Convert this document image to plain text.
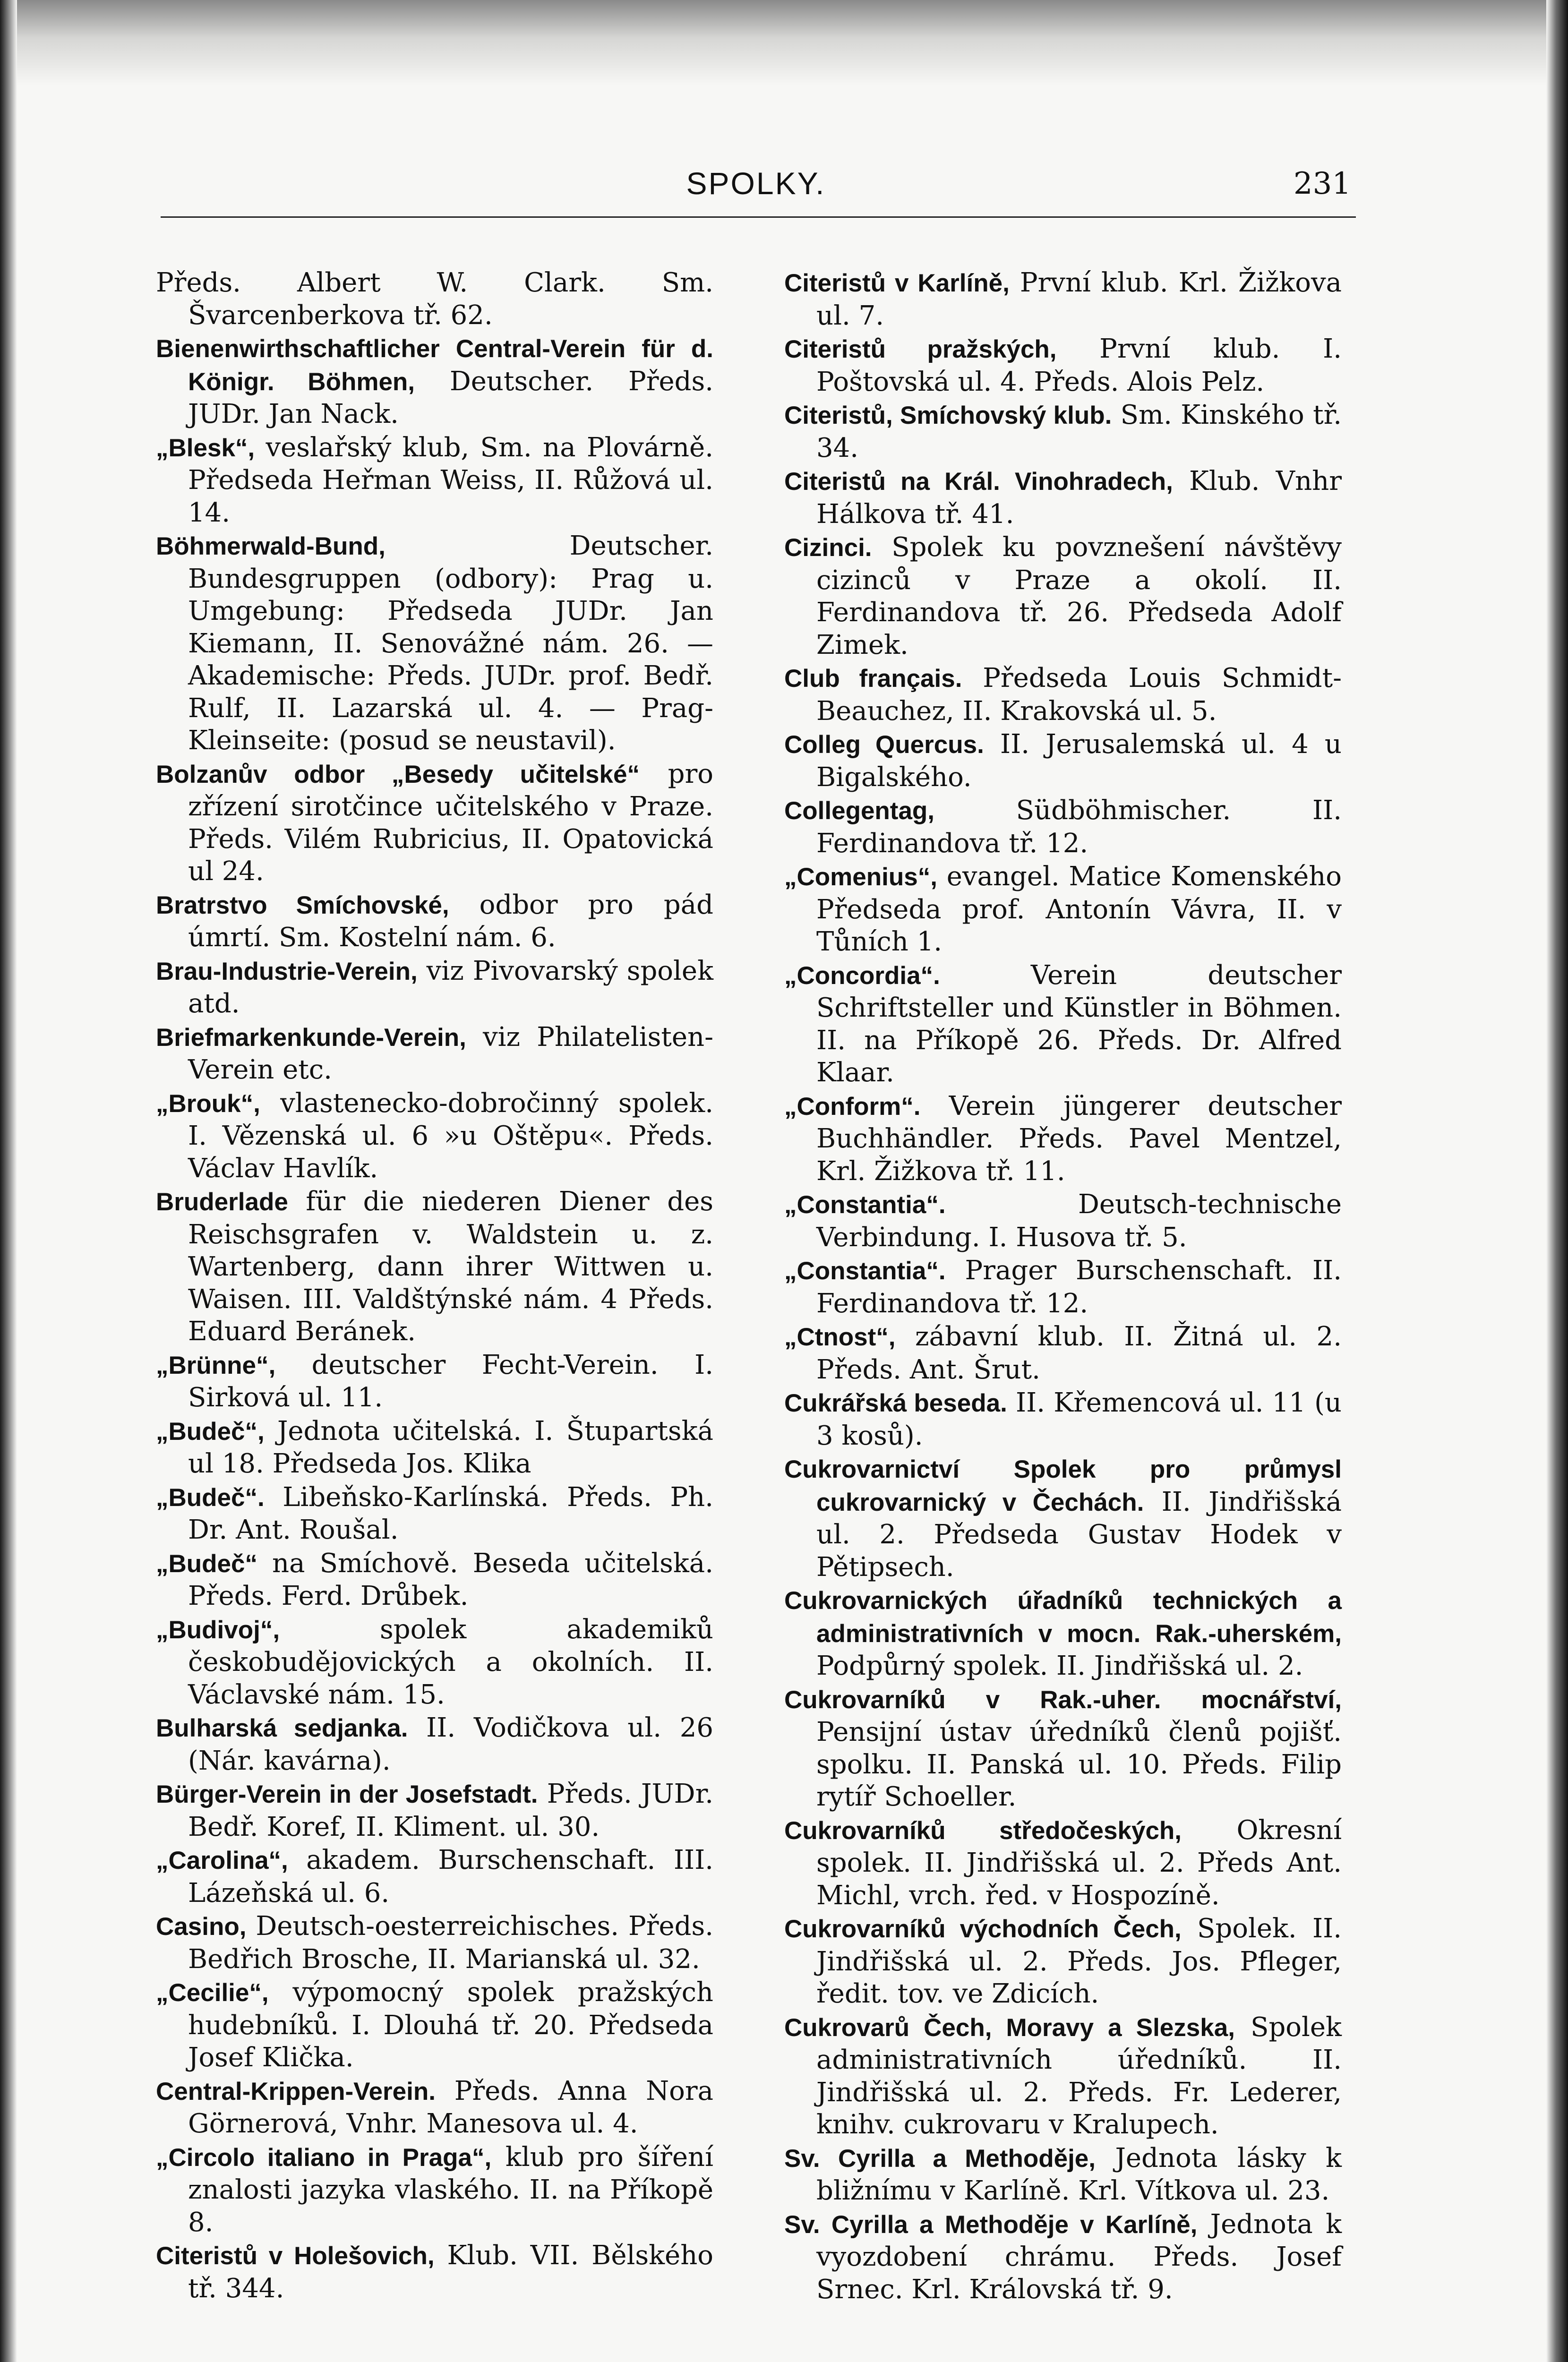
SPOLKY.	231

Předs. Albert W. Clark. Sm. Švarcenberkova tř. 62.

Bienenwirthschaftlicher Central-Verein für d. Königr. Böhmen, Deutscher. Předs. JUDr. Jan Nack.

„Blesk“, veslařský klub, Sm. na Plovárně. Předseda Heřman Weiss, II. Růžová ul. 14.

Böhmerwald-Bund, Deutscher. Bundesgruppen (odbory): Prag u. Umgebung: Předseda JUDr. Jan Kiemann, II. Senovážné nám. 26. — Akademische: Předs. JUDr. prof. Bedř. Rulf, II. Lazarská ul. 4. — Prag-Kleinseite: (posud se neustavil).

Bolzanův odbor „Besedy učitelské“ pro zřízení sirotčince učitelského v Praze. Předs. Vilém Rubricius, II. Opatovická ul 24.

Bratrstvo Smíchovské, odbor pro pád úmrtí. Sm. Kostelní nám. 6.

Brau-Industrie-Verein, viz Pivovarský spolek atd.

Briefmarkenkunde-Verein, viz Philatelisten-Verein etc.

„Brouk“, vlastenecko-dobročinný spolek. I. Vězenská ul. 6 »u Oštěpu«. Předs. Václav Havlík.

Bruderlade für die niederen Diener des Reischsgrafen v. Waldstein u. z. Wartenberg, dann ihrer Wittwen u. Waisen. III. Valdštýnské nám. 4 Předs. Eduard Beránek.

„Brünne“, deutscher Fecht-Verein. I. Sirková ul. 11.

„Budeč“, Jednota učitelská. I. Štupartská ul 18. Předseda Jos. Klika

„Budeč“. Libeňsko-Karlínská. Předs. Ph. Dr. Ant. Roušal.

„Budeč“ na Smíchově. Beseda učitelská. Předs. Ferd. Drůbek.

„Budivoj“, spolek akademiků českobudějovických a okolních. II. Václavské nám. 15.

Bulharská sedjanka. II. Vodičkova ul. 26 (Nár. kavárna).

Bürger-Verein in der Josefstadt. Předs. JUDr. Bedř. Koref, II. Kliment. ul. 30.

„Carolina“, akadem. Burschenschaft. III. Lázeňská ul. 6.

Casino, Deutsch-oesterreichisches. Předs. Bedřich Brosche, II. Marianská ul. 32.

„Cecilie“, výpomocný spolek pražských hudebníků. I. Dlouhá tř. 20. Předseda Josef Klička.

Central-Krippen-Verein. Předs. Anna Nora Görnerová, Vnhr. Manesova ul. 4.

„Circolo italiano in Praga“, klub pro šíření znalosti jazyka vlaského. II. na Příkopě 8.

Citeristů v Holešovich, Klub. VII. Bělského tř. 344.

Citeristů v Karlíně, První klub. Krl. Žižkova ul. 7.

Citeristů pražských, První klub. I. Poštovská ul. 4. Předs. Alois Pelz.

Citeristů, Smíchovský klub. Sm. Kinského tř. 34.

Citeristů na Král. Vinohradech, Klub. Vnhr Hálkova tř. 41.

Cizinci. Spolek ku povznešení návštěvy cizinců v Praze a okolí. II. Ferdinandova tř. 26. Předseda Adolf Zimek.

Club français. Předseda Louis Schmidt-Beauchez, II. Krakovská ul. 5.

Colleg Quercus. II. Jerusalemská ul. 4 u Bigalského.

Collegentag, Südböhmischer. II. Ferdinandova tř. 12.

„Comenius“, evangel. Matice Komenského Předseda prof. Antonín Vávra, II. v Tůních 1.

„Concordia“. Verein deutscher Schriftsteller und Künstler in Böhmen. II. na Příkopě 26. Předs. Dr. Alfred Klaar.

„Conform“. Verein jüngerer deutscher Buchhändler. Předs. Pavel Mentzel, Krl. Žižkova tř. 11.

„Constantia“. Deutsch-technische Verbindung. I. Husova tř. 5.

„Constantia“. Prager Burschenschaft. II. Ferdinandova tř. 12.

„Ctnost“, zábavní klub. II. Žitná ul. 2. Předs. Ant. Šrut.

Cukrářská beseda. II. Křemencová ul. 11 (u 3 kosů).

Cukrovarnictví Spolek pro průmysl cukrovarnický v Čechách. II. Jindřišská ul. 2. Předseda Gustav Hodek v Pětipsech.

Cukrovarnických úřadníků technických a administrativních v mocn. Rak.-uherském, Podpůrný spolek. II. Jindřišská ul. 2.

Cukrovarníků v Rak.-uher. mocnářství, Pensijní ústav úředníků členů pojišť. spolku. II. Panská ul. 10. Předs. Filip rytíř Schoeller.

Cukrovarníků středočeských, Okresní spolek. II. Jindřišská ul. 2. Předs Ant. Michl, vrch. řed. v Hospozíně.

Cukrovarníků východních Čech, Spolek. II. Jindřišská ul. 2. Předs. Jos. Pfleger, ředit. tov. ve Zdicích.

Cukrovarů Čech, Moravy a Slezska, Spolek administrativních úředníků. II. Jindřišská ul. 2. Předs. Fr. Lederer, knihv. cukrovaru v Kralupech.

Sv. Cyrilla a Methoděje, Jednota lásky k bližnímu v Karlíně. Krl. Vítkova ul. 23.

Sv. Cyrilla a Methoděje v Karlíně, Jednota k vyozdobení chrámu. Předs. Josef Srnec. Krl. Královská tř. 9.
